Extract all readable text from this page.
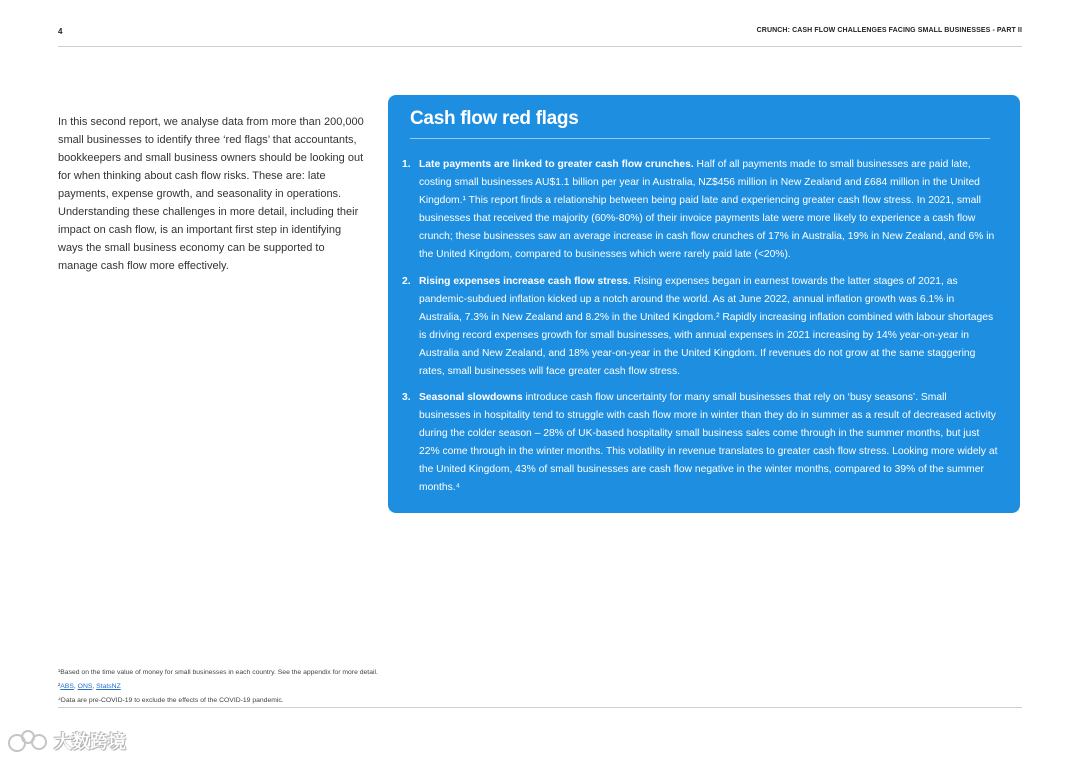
4	CRUNCH: CASH FLOW CHALLENGES FACING SMALL BUSINESSES - PART II

In this second report, we analyse data from more than 200,000 small businesses to identify three ‘red flags’ that accountants, bookkeepers and small business owners should be looking out for when thinking about cash flow risks. These are: late payments, expense growth, and seasonality in operations. Understanding these challenges in more detail, including their impact on cash flow, is an important first step in identifying ways the small business economy can be supported to manage cash flow more effectively.

Cash flow red flags
1. Late payments are linked to greater cash flow crunches. Half of all payments made to small businesses are paid late, costing small businesses AU$1.1 billion per year in Australia, NZ$456 million in New Zealand and £684 million in the United Kingdom.¹ This report finds a relationship between being paid late and experiencing greater cash flow stress. In 2021, small businesses that received the majority (60%-80%) of their invoice payments late were more likely to experience a cash flow crunch; these businesses saw an average increase in cash flow crunches of 17% in Australia, 19% in New Zealand, and 6% in the United Kingdom, compared to businesses which were rarely paid late (<20%).
2. Rising expenses increase cash flow stress. Rising expenses began in earnest towards the latter stages of 2021, as pandemic-subdued inflation kicked up a notch around the world. As at June 2022, annual inflation growth was 6.1% in Australia, 7.3% in New Zealand and 8.2% in the United Kingdom.² Rapidly increasing inflation combined with labour shortages is driving record expenses growth for small businesses, with annual expenses in 2021 increasing by 14% year-on-year in Australia and New Zealand, and 18% year-on-year in the United Kingdom. If revenues do not grow at the same staggering rates, small businesses will face greater cash flow stress.
3. Seasonal slowdowns introduce cash flow uncertainty for many small businesses that rely on ‘busy seasons’. Small businesses in hospitality tend to struggle with cash flow more in winter than they do in summer as a result of decreased activity during the colder season – 28% of UK-based hospitality small business sales come through in the summer months, but just 22% come through in the winter months. This volatility in revenue translates to greater cash flow stress. Looking more widely at the United Kingdom, 43% of small businesses are cash flow negative in the winter months, compared to 39% of the summer months.⁴
¹Based on the time value of money for small businesses in each country. See the appendix for more detail.
²ABS, ONS, StatsNZ
⁴Data are pre-COVID-19 to exclude the effects of the COVID-19 pandemic.
大数跨境
